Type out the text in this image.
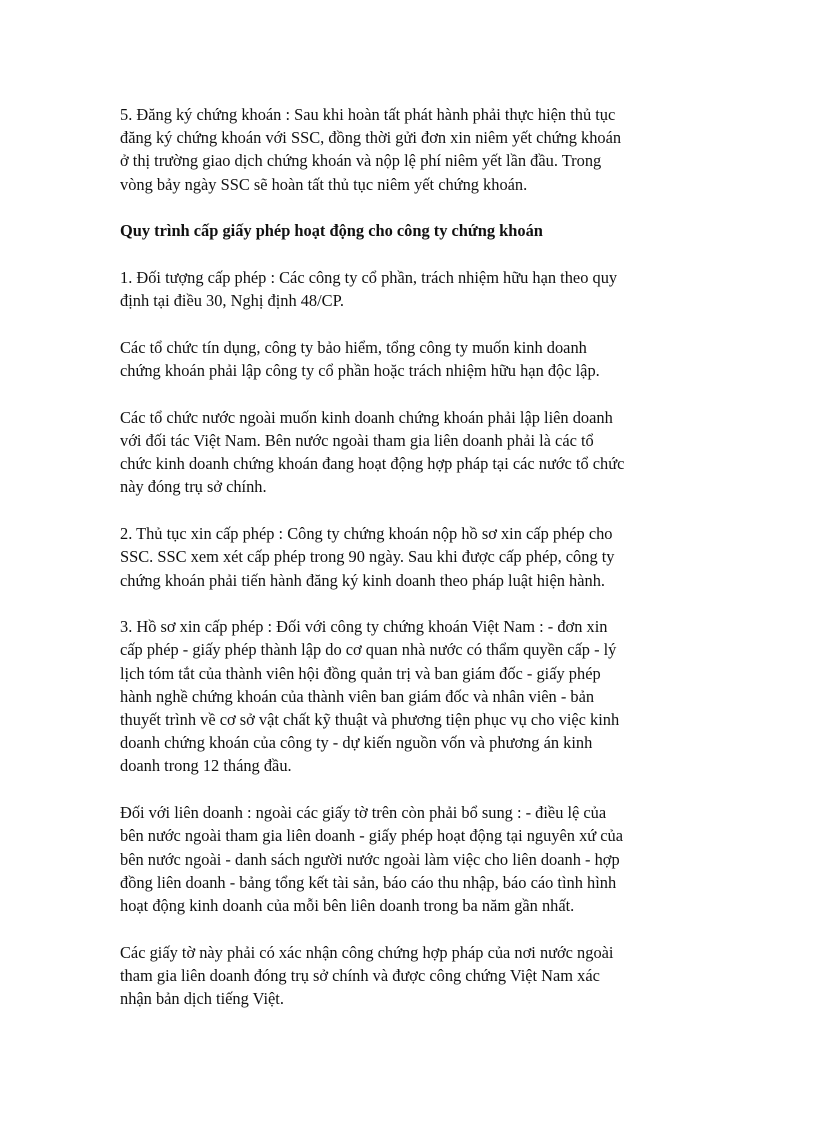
5. Đăng ký chứng khoán : Sau khi hoàn tất phát hành phải thực hiện thủ tục
đăng ký chứng khoán với SSC, đồng thời gửi đơn xin niêm yết chứng khoán
ở thị trường giao dịch chứng khoán và nộp lệ phí niêm yết lần đầu. Trong
vòng bảy ngày SSC sẽ hoàn tất thủ tục niêm yết chứng khoán.

Quy trình cấp giấy phép hoạt động cho công ty chứng khoán

1. Đối tượng cấp phép : Các công ty cổ phần, trách nhiệm hữu hạn theo quy
định tại điều 30, Nghị định 48/CP.

Các tổ chức tín dụng, công ty bảo hiểm, tổng công ty muốn kinh doanh
chứng khoán phải lập công ty cổ phần hoặc trách nhiệm hữu hạn độc lập.

Các tổ chức nước ngoài muốn kinh doanh chứng khoán phải lập liên doanh
với đối tác Việt Nam. Bên nước ngoài tham gia liên doanh phải là các tổ
chức kinh doanh chứng khoán đang hoạt động hợp pháp tại các nước tổ chức
này đóng trụ sở chính.

2. Thủ tục xin cấp phép : Công ty chứng khoán nộp hồ sơ xin cấp phép cho
SSC. SSC xem xét cấp phép trong 90 ngày. Sau khi được cấp phép, công ty
chứng khoán phải tiến hành đăng ký kinh doanh theo pháp luật hiện hành.

3. Hồ sơ xin cấp phép : Đối với công ty chứng khoán Việt Nam : - đơn xin
cấp phép - giấy phép thành lập do cơ quan nhà nước có thẩm quyền cấp - lý
lịch tóm tắt của thành viên hội đồng quản trị và ban giám đốc - giấy phép
hành nghề chứng khoán của thành viên ban giám đốc và nhân viên - bản
thuyết trình về cơ sở vật chất kỹ thuật và phương tiện phục vụ cho việc kinh
doanh chứng khoán của công ty - dự kiến nguồn vốn và phương án kinh
doanh trong 12 tháng đầu.

Đối với liên doanh : ngoài các giấy tờ trên còn phải bổ sung : - điều lệ của
bên nước ngoài tham gia liên doanh - giấy phép hoạt động tại nguyên xứ của
bên nước ngoài - danh sách người nước ngoài làm việc cho liên doanh - hợp
đồng liên doanh - bảng tổng kết tài sản, báo cáo thu nhập, báo cáo tình hình
hoạt động kinh doanh của mỗi bên liên doanh trong ba năm gần nhất.

Các giấy tờ này phải có xác nhận công chứng hợp pháp của nơi nước ngoài
tham gia liên doanh đóng trụ sở chính và được công chứng Việt Nam xác
nhận bản dịch tiếng Việt.
